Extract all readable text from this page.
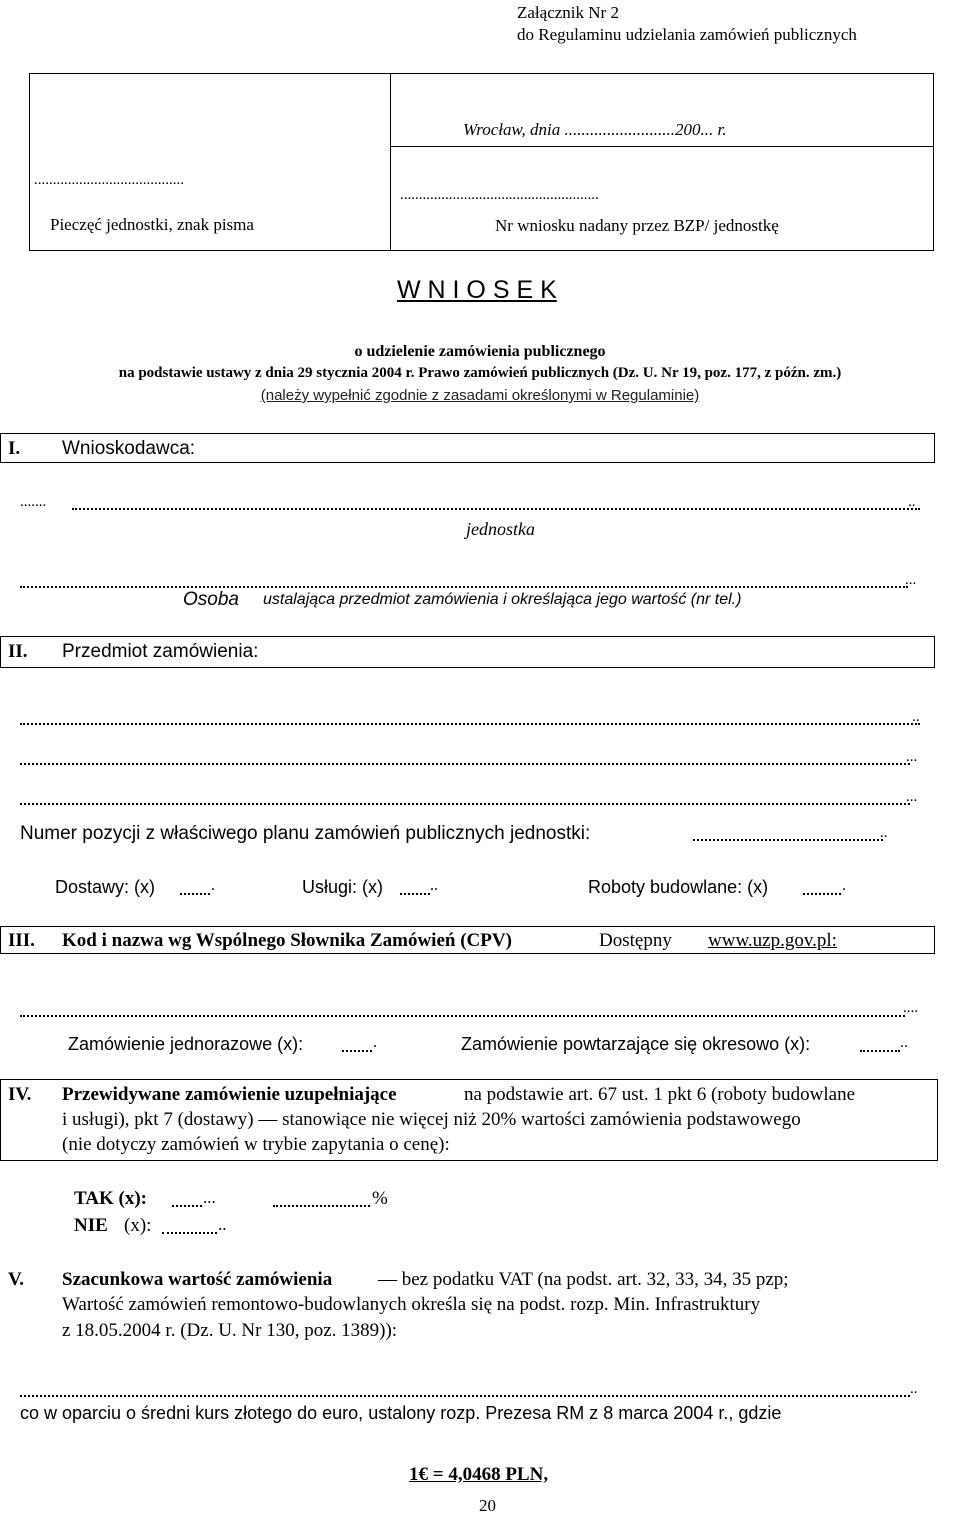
Załącznik Nr 2
do Regulaminu udzielania zamówień publicznych
........................................
Pieczęć jednostki, znak pisma
Wrocław, dnia ..........................200... r.
.....................................................
Nr wniosku nadany przez BZP/ jednostkę
W N I O S E K
o udzielenie zamówienia publicznego
na podstawie ustawy z dnia 29 stycznia 2004 r. Prawo zamówień publicznych (Dz. U. Nr 19, poz. 177, z późn. zm.)
(należy wypełnić zgodnie z zasadami określonymi w Regulaminie)
I. Wnioskodawca:
.......	..
jednostka
...
Osoba ustalająca przedmiot zamówienia i określająca jego wartość (nr tel.)
II. Przedmiot zamówienia:
..
...
...
Numer pozycji z właściwego planu zamówień publicznych jednostki:	..
Dostawy: (x)	.	Usługi: (x)	..	Roboty budowlane: (x)	.
III. Kod i nazwa wg Wspólnego Słownika Zamówień (CPV)	Dostępny www.uzp.gov.pl:
....
Zamówienie jednorazowe (x):	.	Zamówienie powtarzające się okresowo (x):	..
IV. Przewidywane zamówienie uzupełniające	na podstawie art. 67 ust. 1 pkt 6 (roboty budowlane
i usługi), pkt 7 (dostawy) — stanowiące nie więcej niż 20% wartości zamówienia podstawowego
(nie dotyczy zamówień w trybie zapytania o cenę):
TAK (x):	...	%
NIE (x):	..
V. Szacunkowa wartość zamówienia — bez podatku VAT (na podst. art. 32, 33, 34, 35 pzp;
Wartość zamówień remontowo-budowlanych określa się na podst. rozp. Min. Infrastruktury
z 18.05.2004 r. (Dz. U. Nr 130, poz. 1389)):
..
co w oparciu o średni kurs złotego do euro, ustalony rozp. Prezesa RM z 8 marca 2004 r., gdzie
1€ = 4,0468 PLN,
20
